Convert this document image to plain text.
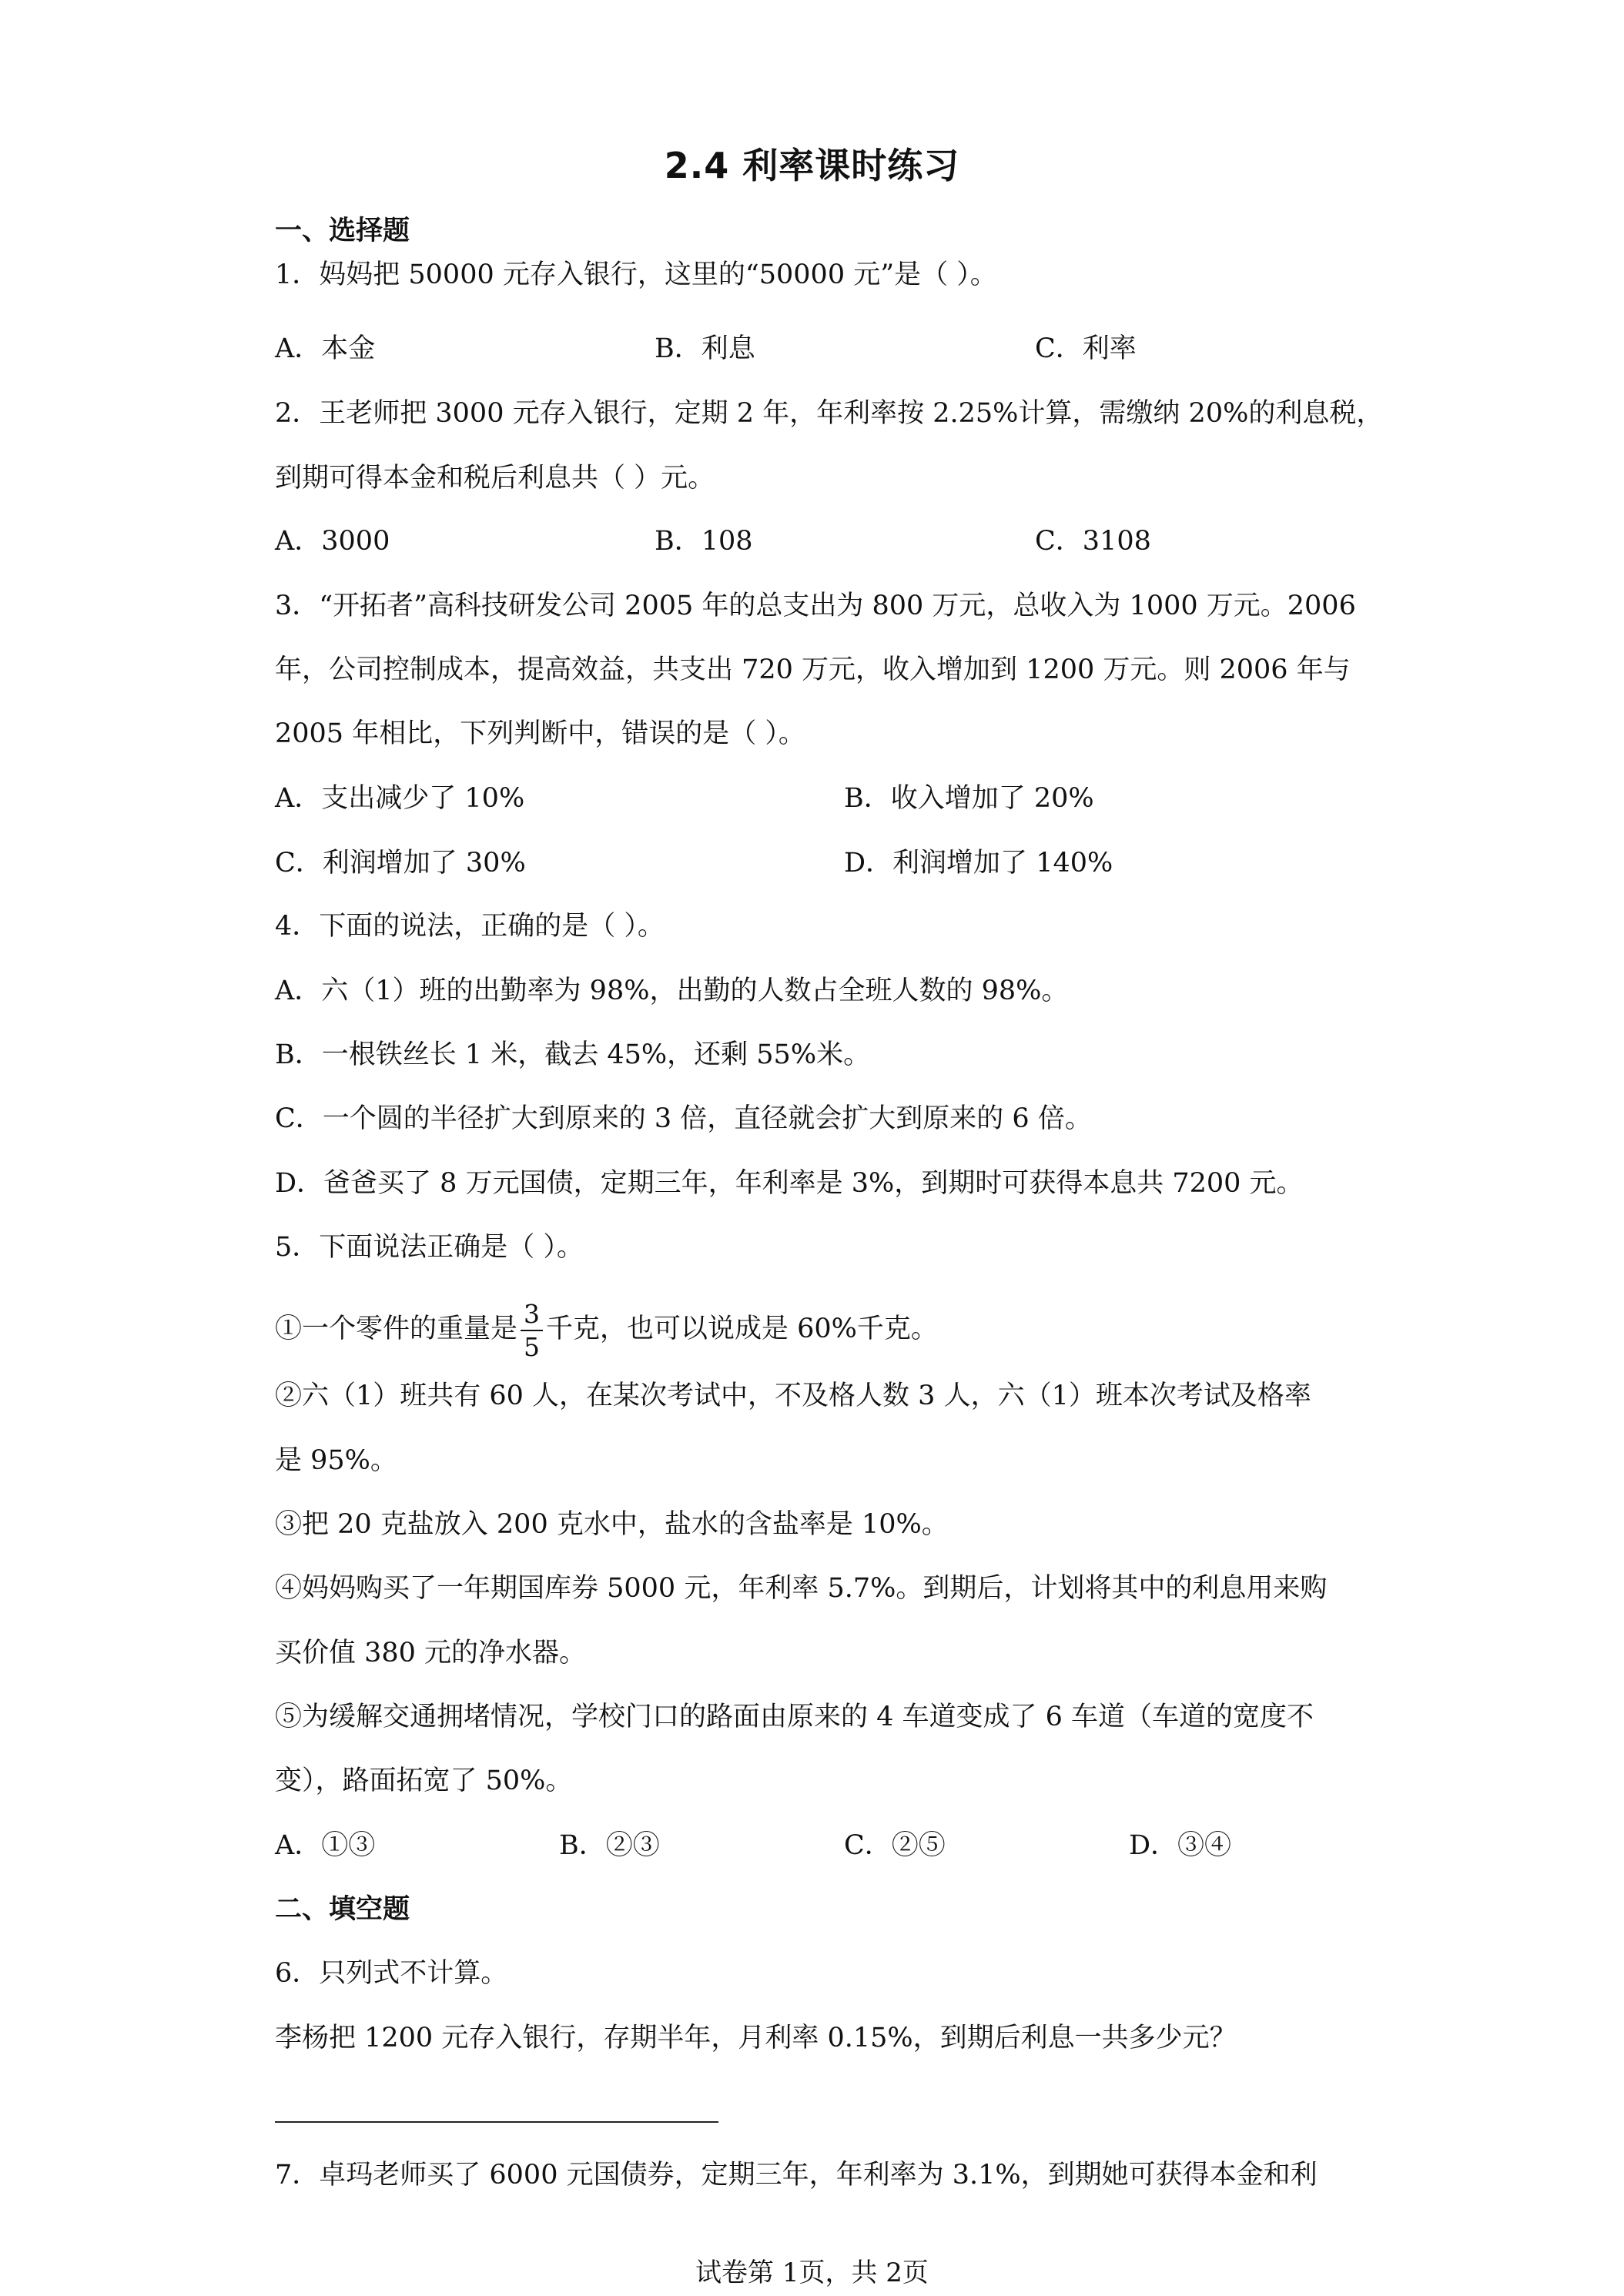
2.4 利率课时练习
一、选择题
1．妈妈把 50000 元存入银行，这里的“50000 元”是（ ）。
A．本金	B．利息	C．利率
2．王老师把 3000 元存入银行，定期 2 年，年利率按 2.25%计算，需缴纳 20%的利息税，
到期可得本金和税后利息共（ ）元。
A．3000	B．108	C．3108
3．“开拓者”高科技研发公司 2005 年的总支出为 800 万元，总收入为 1000 万元。2006
年，公司控制成本，提高效益，共支出 720 万元，收入增加到 1200 万元。则 2006 年与
2005 年相比，下列判断中，错误的是（ ）。
A．支出减少了 10%	B．收入增加了 20%
C．利润增加了 30%	D．利润增加了 140%
4．下面的说法，正确的是（ ）。
A．六（1）班的出勤率为 98%，出勤的人数占全班人数的 98%。
B．一根铁丝长 1 米，截去 45%，还剩 55%米。
C．一个圆的半径扩大到原来的 3 倍，直径就会扩大到原来的 6 倍。
D．爸爸买了 8 万元国债，定期三年，年利率是 3%，到期时可获得本息共 7200 元。
5．下面说法正确是（ ）。
①一个零件的重量是 $\frac{3}{5}$ 千克，也可以说成是 60%千克。
②六（1）班共有 60 人，在某次考试中，不及格人数 3 人，六（1）班本次考试及格率
是 95%。
③把 20 克盐放入 200 克水中，盐水的含盐率是 10%。
④妈妈购买了一年期国库券 5000 元，年利率 5.7%。到期后，计划将其中的利息用来购
买价值 380 元的净水器。
⑤为缓解交通拥堵情况，学校门口的路面由原来的 4 车道变成了 6 车道（车道的宽度不
变），路面拓宽了 50%。
A．①③	B．②③	C．②⑤	D．③④
二、填空题
6．只列式不计算。
李杨把 1200 元存入银行，存期半年，月利率 0.15%，到期后利息一共多少元？
7．卓玛老师买了 6000 元国债券，定期三年，年利率为 3.1%，到期她可获得本金和利
试卷第 1页，共 2页
